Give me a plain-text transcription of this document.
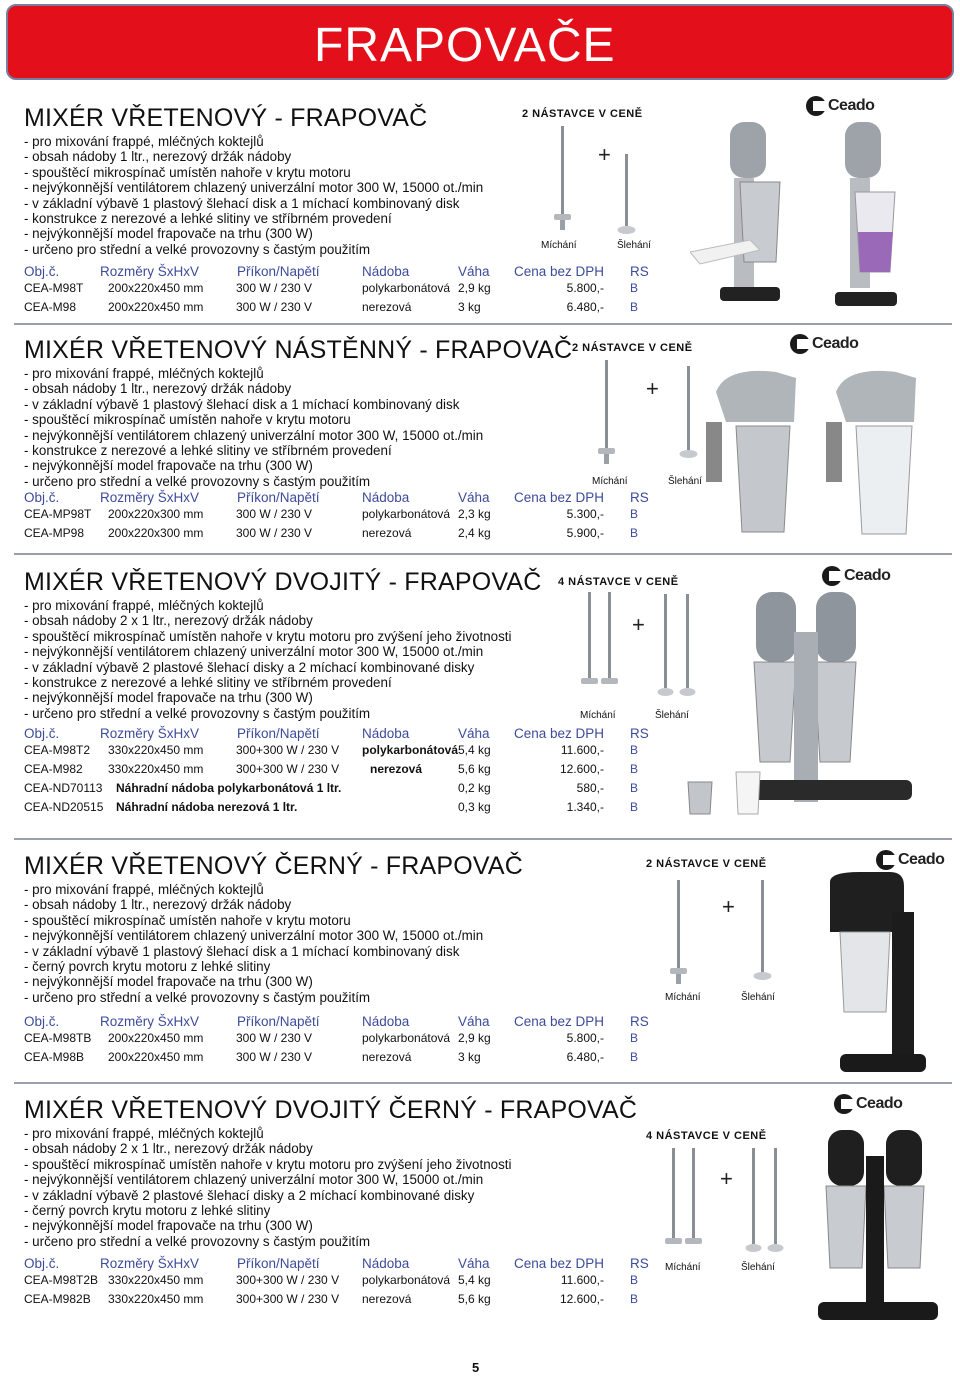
FRAPOVAČE
MIXÉR VŘETENOVÝ - FRAPOVAČ
- pro mixování frappé, mléčných koktejlů
- obsah nádoby 1 ltr., nerezový držák nádoby
- spouštěcí mikrospínač umístěn nahoře v krytu motoru
- nejvýkonnější ventilátorem chlazený univerzální motor 300 W, 15000 ot./min
- v základní výbavě 1 plastový šlehací disk a 1 míchací kombinovaný disk
- konstrukce z nerezové a lehké slitiny ve stříbrném provedení
- nejvýkonnější model frapovače na trhu (300 W)
- určeno pro střední a velké provozovny s častým použitím
Obj.č.	Rozměry ŠxHxV	Příkon/Napětí	Nádoba	Váha Cena bez DPH RS
CEA-M98T 200x220x450 mm	300 W / 230 V	polykarbonátová 2,9 kg	5.800,- B
CEA-M98	200x220x450 mm	300 W / 230 V	nerezová	3 kg	6.480,- B
2 NÁSTAVCE V CENĚ
+
Míchání	Šlehání
Ceado
MIXÉR VŘETENOVÝ NÁSTĚNNÝ - FRAPOVAČ
- pro mixování frappé, mléčných koktejlů
- obsah nádoby 1 ltr., nerezový držák nádoby
- v základní výbavě 1 plastový šlehací disk a 1 míchací kombinovaný disk
- spouštěcí mikrospínač umístěn nahoře v krytu motoru
- nejvýkonnější ventilátorem chlazený univerzální motor 300 W, 15000 ot./min
- konstrukce z nerezové a lehké slitiny ve stříbrném provedení
- nejvýkonnější model frapovače na trhu (300 W)
- určeno pro střední a velké provozovny s častým použitím
Obj.č.	Rozměry ŠxHxV	Příkon/Napětí	Nádoba	Váha Cena bez DPH RS
CEA-MP98T 200x220x300 mm	300 W / 230 V	polykarbonátová 2,3 kg	5.300,- B
CEA-MP98 200x220x300 mm	300 W / 230 V	nerezová	2,4 kg	5.900,- B
2 NÁSTAVCE V CENĚ
+
Míchání	Šlehání
Ceado
MIXÉR VŘETENOVÝ DVOJITÝ - FRAPOVAČ
- pro mixování frappé, mléčných koktejlů
- obsah nádoby 2 x 1 ltr., nerezový držák nádoby
- spouštěcí mikrospínač umístěn nahoře v krytu motoru pro zvýšení jeho životnosti
- nejvýkonnější ventilátorem chlazený univerzální motor 300 W, 15000 ot./min
- v základní výbavě 2 plastové šlehací disky a 2 míchací kombinované disky
- konstrukce z nerezové a lehké slitiny ve stříbrném provedení
- nejvýkonnější model frapovače na trhu (300 W)
- určeno pro střední a velké provozovny s častým použitím
Obj.č.	Rozměry ŠxHxV	Příkon/Napětí	Nádoba	Váha Cena bez DPH RS
CEA-M98T2 330x220x450 mm	300+300 W / 230 V polykarbonátová 5,4 kg	11.600,- B
CEA-M982 330x220x450 mm	300+300 W / 230 V	nerezová	5,6 kg	12.600,- B
CEA-ND70113 Náhradní nádoba polykarbonátová 1 ltr.	0,2 kg	580,- B
CEA-ND20515 Náhradní nádoba nerezová 1 ltr.	0,3 kg	1.340,- B
4 NÁSTAVCE V CENĚ
+
Míchání	Šlehání
Ceado
MIXÉR VŘETENOVÝ ČERNÝ - FRAPOVAČ
- pro mixování frappé, mléčných koktejlů
- obsah nádoby 1 ltr., nerezový držák nádoby
- spouštěcí mikrospínač umístěn nahoře v krytu motoru
- nejvýkonnější ventilátorem chlazený univerzální motor 300 W, 15000 ot./min
- v základní výbavě 1 plastový šlehací disk a 1 míchací kombinovaný disk
- černý povrch krytu motoru z lehké slitiny
- nejvýkonnější model frapovače na trhu (300 W)
- určeno pro střední a velké provozovny s častým použitím
Obj.č.	Rozměry ŠxHxV	Příkon/Napětí	Nádoba	Váha Cena bez DPH RS
CEA-M98TB 200x220x450 mm	300 W / 230 V	polykarbonátová 2,9 kg	5.800,- B
CEA-M98B 200x220x450 mm	300 W / 230 V	nerezová	3 kg	6.480,- B
2 NÁSTAVCE V CENĚ
+
Míchání	Šlehání
Ceado
MIXÉR VŘETENOVÝ DVOJITÝ ČERNÝ - FRAPOVAČ
- pro mixování frappé, mléčných koktejlů
- obsah nádoby 2 x 1 ltr., nerezový držák nádoby
- spouštěcí mikrospínač umístěn nahoře v krytu motoru pro zvýšení jeho životnosti
- nejvýkonnější ventilátorem chlazený univerzální motor 300 W, 15000 ot./min
- v základní výbavě 2 plastové šlehací disky a 2 míchací kombinované disky
- černý povrch krytu motoru z lehké slitiny
- nejvýkonnější model frapovače na trhu (300 W)
- určeno pro střední a velké provozovny s častým použitím
Obj.č.	Rozměry ŠxHxV	Příkon/Napětí	Nádoba	Váha Cena bez DPH RS
CEA-M98T2B 330x220x450 mm	300+300 W / 230 V polykarbonátová 5,4 kg	11.600,- B
CEA-M982B 330x220x450 mm	300+300 W / 230 V nerezová	5,6 kg	12.600,- B
4 NÁSTAVCE V CENĚ
+
Míchání	Šlehání
Ceado
5
